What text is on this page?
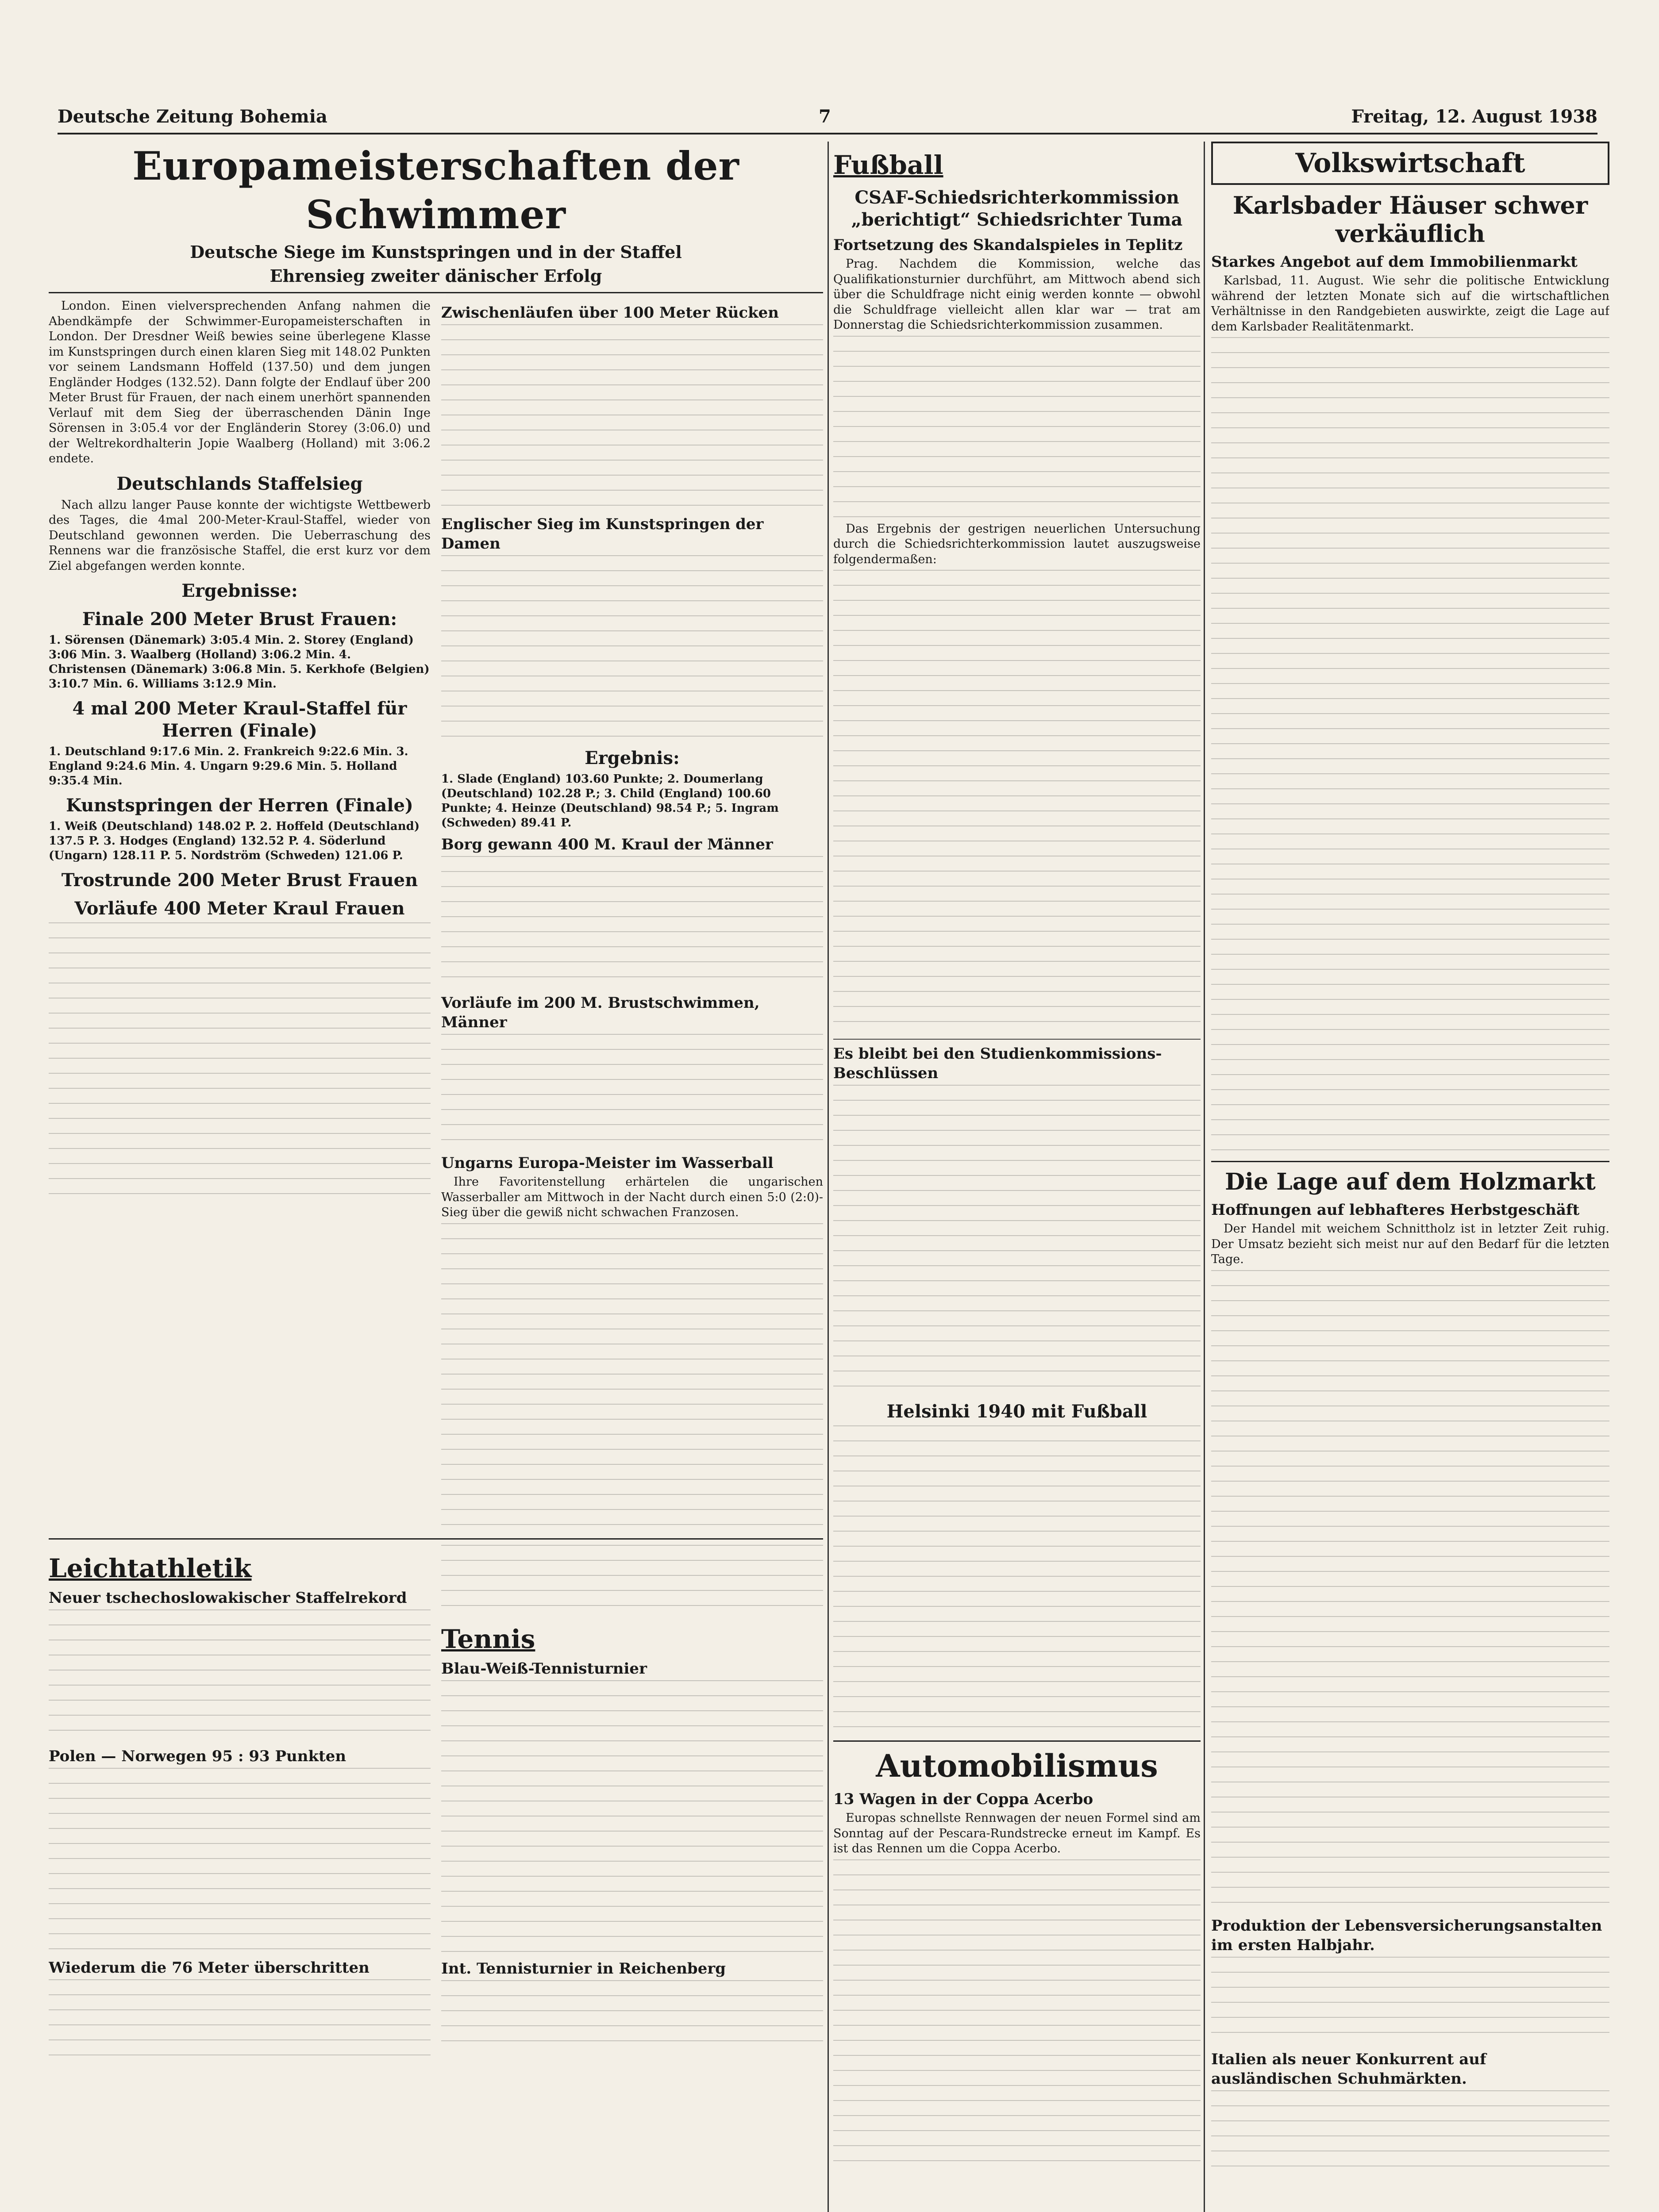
Deutsche Zeitung Bohemia	7	Freitag, 12. August 1938
Europameisterschaften der Schwimmer
Deutsche Siege im Kunstspringen und in der Staffel
Ehrensieg zweiter dänischer Erfolg

London. Einen vielversprechenden Anfang nahmen die Abendkämpfe der Schwimmer-Europameisterschaften in London. Der Dresdner Weiß bewies seine überlegene Klasse im Kunstspringen durch einen klaren Sieg mit 148.02 Punkten vor seinem Landsmann Hoffeld (137.50) und dem jungen Engländer Hodges (132.52). Dann folgte der Endlauf über 200 Meter Brust für Frauen, der nach einem unerhört spannenden Verlauf mit dem Sieg der überraschenden Dänin Inge Sörensen in 3:05.4 vor der Engländerin Storey (3:06.0) und der Weltrekordhalterin Jopie Waalberg (Holland) mit 3:06.2 endete.

Deutschlands Staffelsieg

Nach allzu langer Pause konnte der wichtigste Wettbewerb des Tages, die 4mal 200-Meter-Kraul-Staffel, wieder von Deutschland gewonnen werden. Die Ueberraschung des Rennens war die französische Staffel, die erst kurz vor dem Ziel abgefangen werden konnte.

Ergebnisse:
Finale 200 Meter Brust Frauen:

1. Sörensen (Dänemark) 3:05.4 Min. 2. Storey (England) 3:06 Min. 3. Waalberg (Holland) 3:06.2 Min. 4. Christensen (Dänemark) 3:06.8 Min. 5. Kerkhofe (Belgien) 3:10.7 Min. 6. Williams 3:12.9 Min.

4 mal 200 Meter Kraul-Staffel für Herren (Finale)

1. Deutschland 9:17.6 Min. 2. Frankreich 9:22.6 Min. 3. England 9:24.6 Min. 4. Ungarn 9:29.6 Min. 5. Holland 9:35.4 Min.

Kunstspringen der Herren (Finale)

1. Weiß (Deutschland) 148.02 P. 2. Hoffeld (Deutschland) 137.5 P. 3. Hodges (England) 132.52 P. 4. Söderlund (Ungarn) 128.11 P. 5. Nordström (Schweden) 121.06 P.

Trostrunde 200 Meter Brust Frauen
Vorläufe 400 Meter Kraul Frauen
Zwischenläufen über 100 Meter Rücken
Englischer Sieg im Kunstspringen der Damen
Ergebnis:

1. Slade (England) 103.60 Punkte; 2. Doumerlang (Deutschland) 102.28 P.; 3. Child (England) 100.60 Punkte; 4. Heinze (Deutschland) 98.54 P.; 5. Ingram (Schweden) 89.41 P.

Borg gewann 400 M. Kraul der Männer
Vorläufe im 200 M. Brustschwimmen, Männer
Ungarns Europa-Meister im Wasserball

Ihre Favoritenstellung erhärtelen die ungarischen Wasserballer am Mittwoch in der Nacht durch einen 5:0 (2:0)-Sieg über die gewiß nicht schwachen Franzosen.

Leichtathletik
Neuer tschechoslowakischer Staffelrekord
Polen — Norwegen 95 : 93 Punkten
Wiederum die 76 Meter überschritten
Tennis
Blau-Weiß-Tennisturnier
Int. Tennisturnier in Reichenberg
Fußball
CSAF-Schiedsrichterkommission „berichtigt“ Schiedsrichter Tuma
Fortsetzung des Skandalspieles in Teplitz

Prag. Nachdem die Kommission, welche das Qualifikationsturnier durchführt, am Mittwoch abend sich über die Schuldfrage nicht einig werden konnte — obwohl die Schuldfrage vielleicht allen klar war — trat am Donnerstag die Schiedsrichterkommission zusammen.

Das Ergebnis der gestrigen neuerlichen Untersuchung durch die Schiedsrichterkommission lautet auszugsweise folgendermaßen:

Es bleibt bei den Studienkommissions-Beschlüssen
Helsinki 1940 mit Fußball
Automobilismus
13 Wagen in der Coppa Acerbo

Europas schnellste Rennwagen der neuen Formel sind am Sonntag auf der Pescara-Rundstrecke erneut im Kampf. Es ist das Rennen um die Coppa Acerbo.

Volkswirtschaft
Karlsbader Häuser schwer verkäuflich
Starkes Angebot auf dem Immobilienmarkt

Karlsbad, 11. August. Wie sehr die politische Entwicklung während der letzten Monate sich auf die wirtschaftlichen Verhältnisse in den Randgebieten auswirkte, zeigt die Lage auf dem Karlsbader Realitätenmarkt.

Die Lage auf dem Holzmarkt
Hoffnungen auf lebhafteres Herbstgeschäft

Der Handel mit weichem Schnittholz ist in letzter Zeit ruhig. Der Umsatz bezieht sich meist nur auf den Bedarf für die letzten Tage.

Produktion der Lebensversicherungsanstalten im ersten Halbjahr.
Italien als neuer Konkurrent auf ausländischen Schuhmärkten.
